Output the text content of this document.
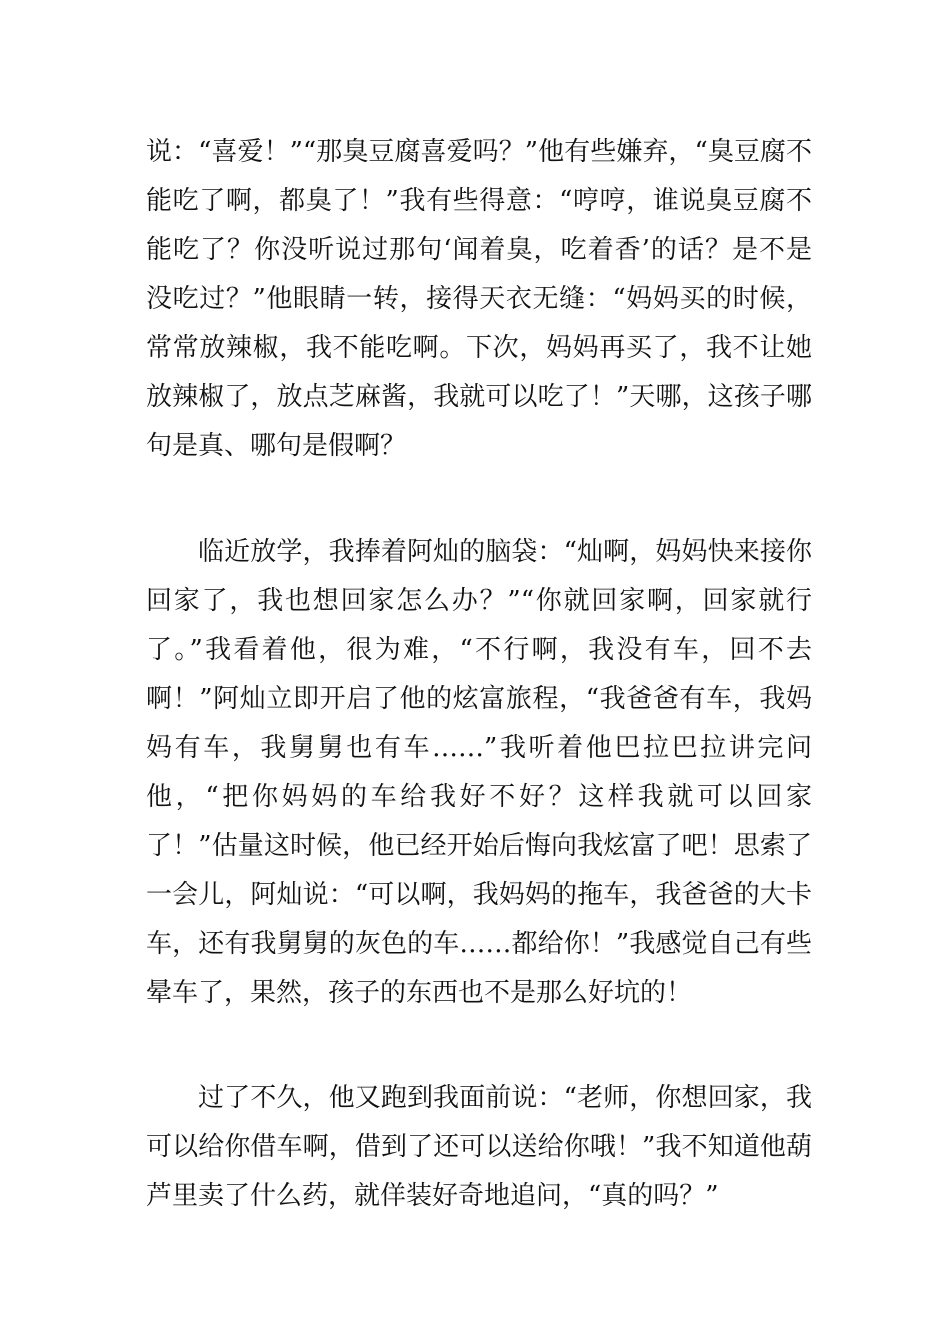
说：“喜爱！”“那臭豆腐喜爱吗？”他有些嫌弃，“臭豆腐不能吃了啊，都臭了！”我有些得意：“哼哼，谁说臭豆腐不能吃了？你没听说过那句‘闻着臭，吃着香’的话？是不是没吃过？”他眼睛一转，接得天衣无缝：“妈妈买的时候，常常放辣椒，我不能吃啊。下次，妈妈再买了，我不让她放辣椒了，放点芝麻酱，我就可以吃了！”天哪，这孩子哪句是真、哪句是假啊？

临近放学，我捧着阿灿的脑袋：“灿啊，妈妈快来接你回家了，我也想回家怎么办？”“你就回家啊，回家就行了。”我看着他，很为难，“不行啊，我没有车，回不去啊！”阿灿立即开启了他的炫富旅程，“我爸爸有车，我妈妈有车，我舅舅也有车……”我听着他巴拉巴拉讲完问他，“把你妈妈的车给我好不好？这样我就可以回家了！”估量这时候，他已经开始后悔向我炫富了吧！思索了一会儿，阿灿说：“可以啊，我妈妈的拖车，我爸爸的大卡车，还有我舅舅的灰色的车……都给你！”我感觉自己有些晕车了，果然，孩子的东西也不是那么好坑的！

过了不久，他又跑到我面前说：“老师，你想回家，我可以给你借车啊，借到了还可以送给你哦！”我不知道他葫芦里卖了什么药，就佯装好奇地追问，“真的吗？”
